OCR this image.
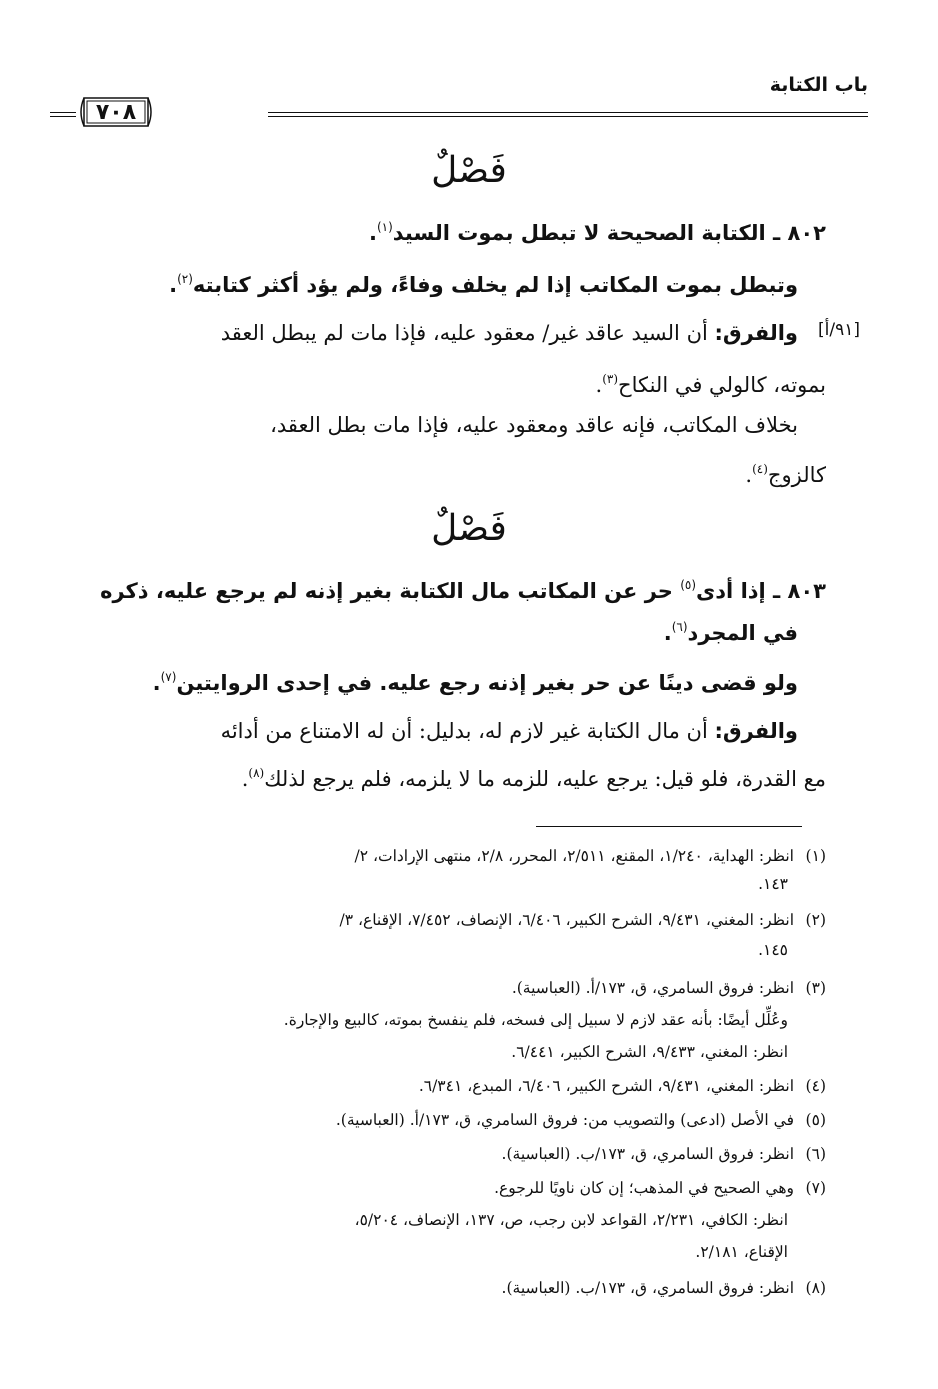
باب الكتابة
٧٠٨
فَصْلٌ
٨٠٢ ـ الكتابة الصحيحة لا تبطل بموت السيد$^{(١)}$.
وتبطل بموت المكاتب إذا لم يخلف وفاءً، ولم يؤد أكثر كتابته$^{(٢)}$.
[٩١/أ]
والفرق: أن السيد عاقد غير/ معقود عليه، فإذا مات لم يبطل العقد
بموته، كالولي في النكاح$^{(٣)}$.
بخلاف المكاتب، فإنه عاقد ومعقود عليه، فإذا مات بطل العقد،
كالزوج$^{(٤)}$.
فَصْلٌ
٨٠٣ ـ إذا أدى$^{(٥)}$ حر عن المكاتب مال الكتابة بغير إذنه لم يرجع عليه، ذكره
في المجرد$^{(٦)}$.
ولو قضى دينًا عن حر بغير إذنه رجع عليه. في إحدى الروايتين$^{(٧)}$.
والفرق: أن مال الكتابة غير لازم له، بدليل: أن له الامتناع من أدائه
مع القدرة، فلو قيل: يرجع عليه، للزمه ما لا يلزمه، فلم يرجع لذلك$^{(٨)}$.
(١)انظر: الهداية، ١/٢٤٠، المقنع، ٢/٥١١، المحرر، ٢/٨، منتهى الإرادات، ٢/
١٤٣.
(٢)انظر: المغني، ٩/٤٣١، الشرح الكبير، ٦/٤٠٦، الإنصاف، ٧/٤٥٢، الإقناع، ٣/
١٤٥.
(٣)انظر: فروق السامري، ق، ١٧٣/أ. (العباسية).
وعُلِّل أيضًا: بأنه عقد لازم لا سبيل إلى فسخه، فلم ينفسخ بموته، كالبيع والإجارة.
انظر: المغني، ٩/٤٣٣، الشرح الكبير، ٦/٤٤١.
(٤)انظر: المغني، ٩/٤٣١، الشرح الكبير، ٦/٤٠٦، المبدع، ٦/٣٤١.
(٥)في الأصل (ادعى) والتصويب من: فروق السامري، ق، ١٧٣/أ. (العباسية).
(٦)انظر: فروق السامري، ق، ١٧٣/ب. (العباسية).
(٧)وهي الصحيح في المذهب؛ إن كان ناويًا للرجوع.
انظر: الكافي، ٢/٢٣١، القواعد لابن رجب، ص، ١٣٧، الإنصاف، ٥/٢٠٤،
الإقناع، ٢/١٨١.
(٨)انظر: فروق السامري، ق، ١٧٣/ب. (العباسية).
